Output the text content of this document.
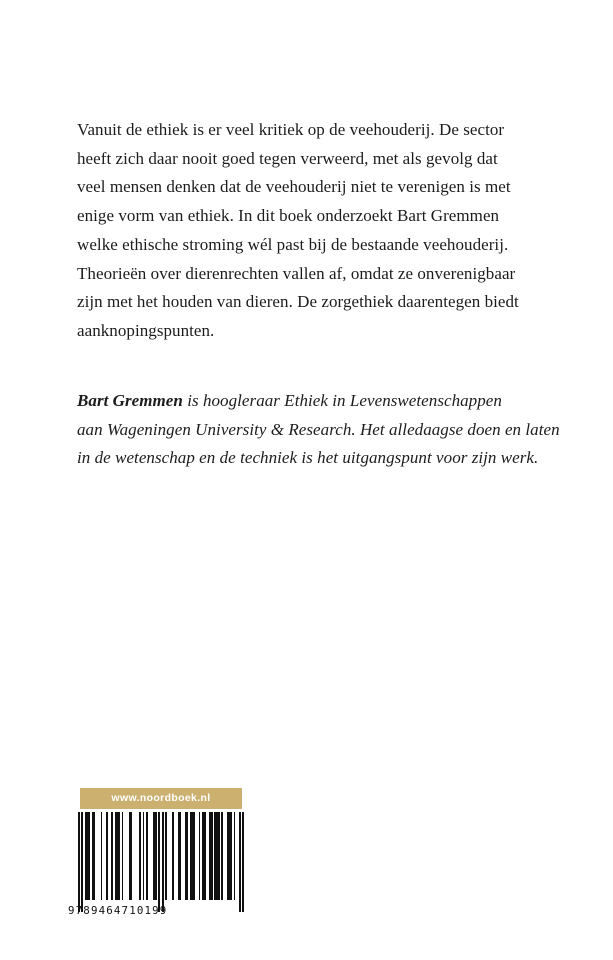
Vanuit de ethiek is er veel kritiek op de veehouderij. De sector
heeft zich daar nooit goed tegen verweerd, met als gevolg dat
veel mensen denken dat de veehouderij niet te verenigen is met
enige vorm van ethiek. In dit boek onderzoekt Bart Gremmen
welke ethische stroming wél past bij de bestaande veehouderij.
Theorieën over dierenrechten vallen af, omdat ze onverenigbaar
zijn met het houden van dieren. De zorgethiek daarentegen biedt
aanknopingspunten.
Bart Gremmen is hoogleraar Ethiek in Levenswetenschappen
aan Wageningen University & Research. Het alledaagse doen en laten
in de wetenschap en de techniek is het uitgangspunt voor zijn werk.
www.noordboek.nl
9789464710199
